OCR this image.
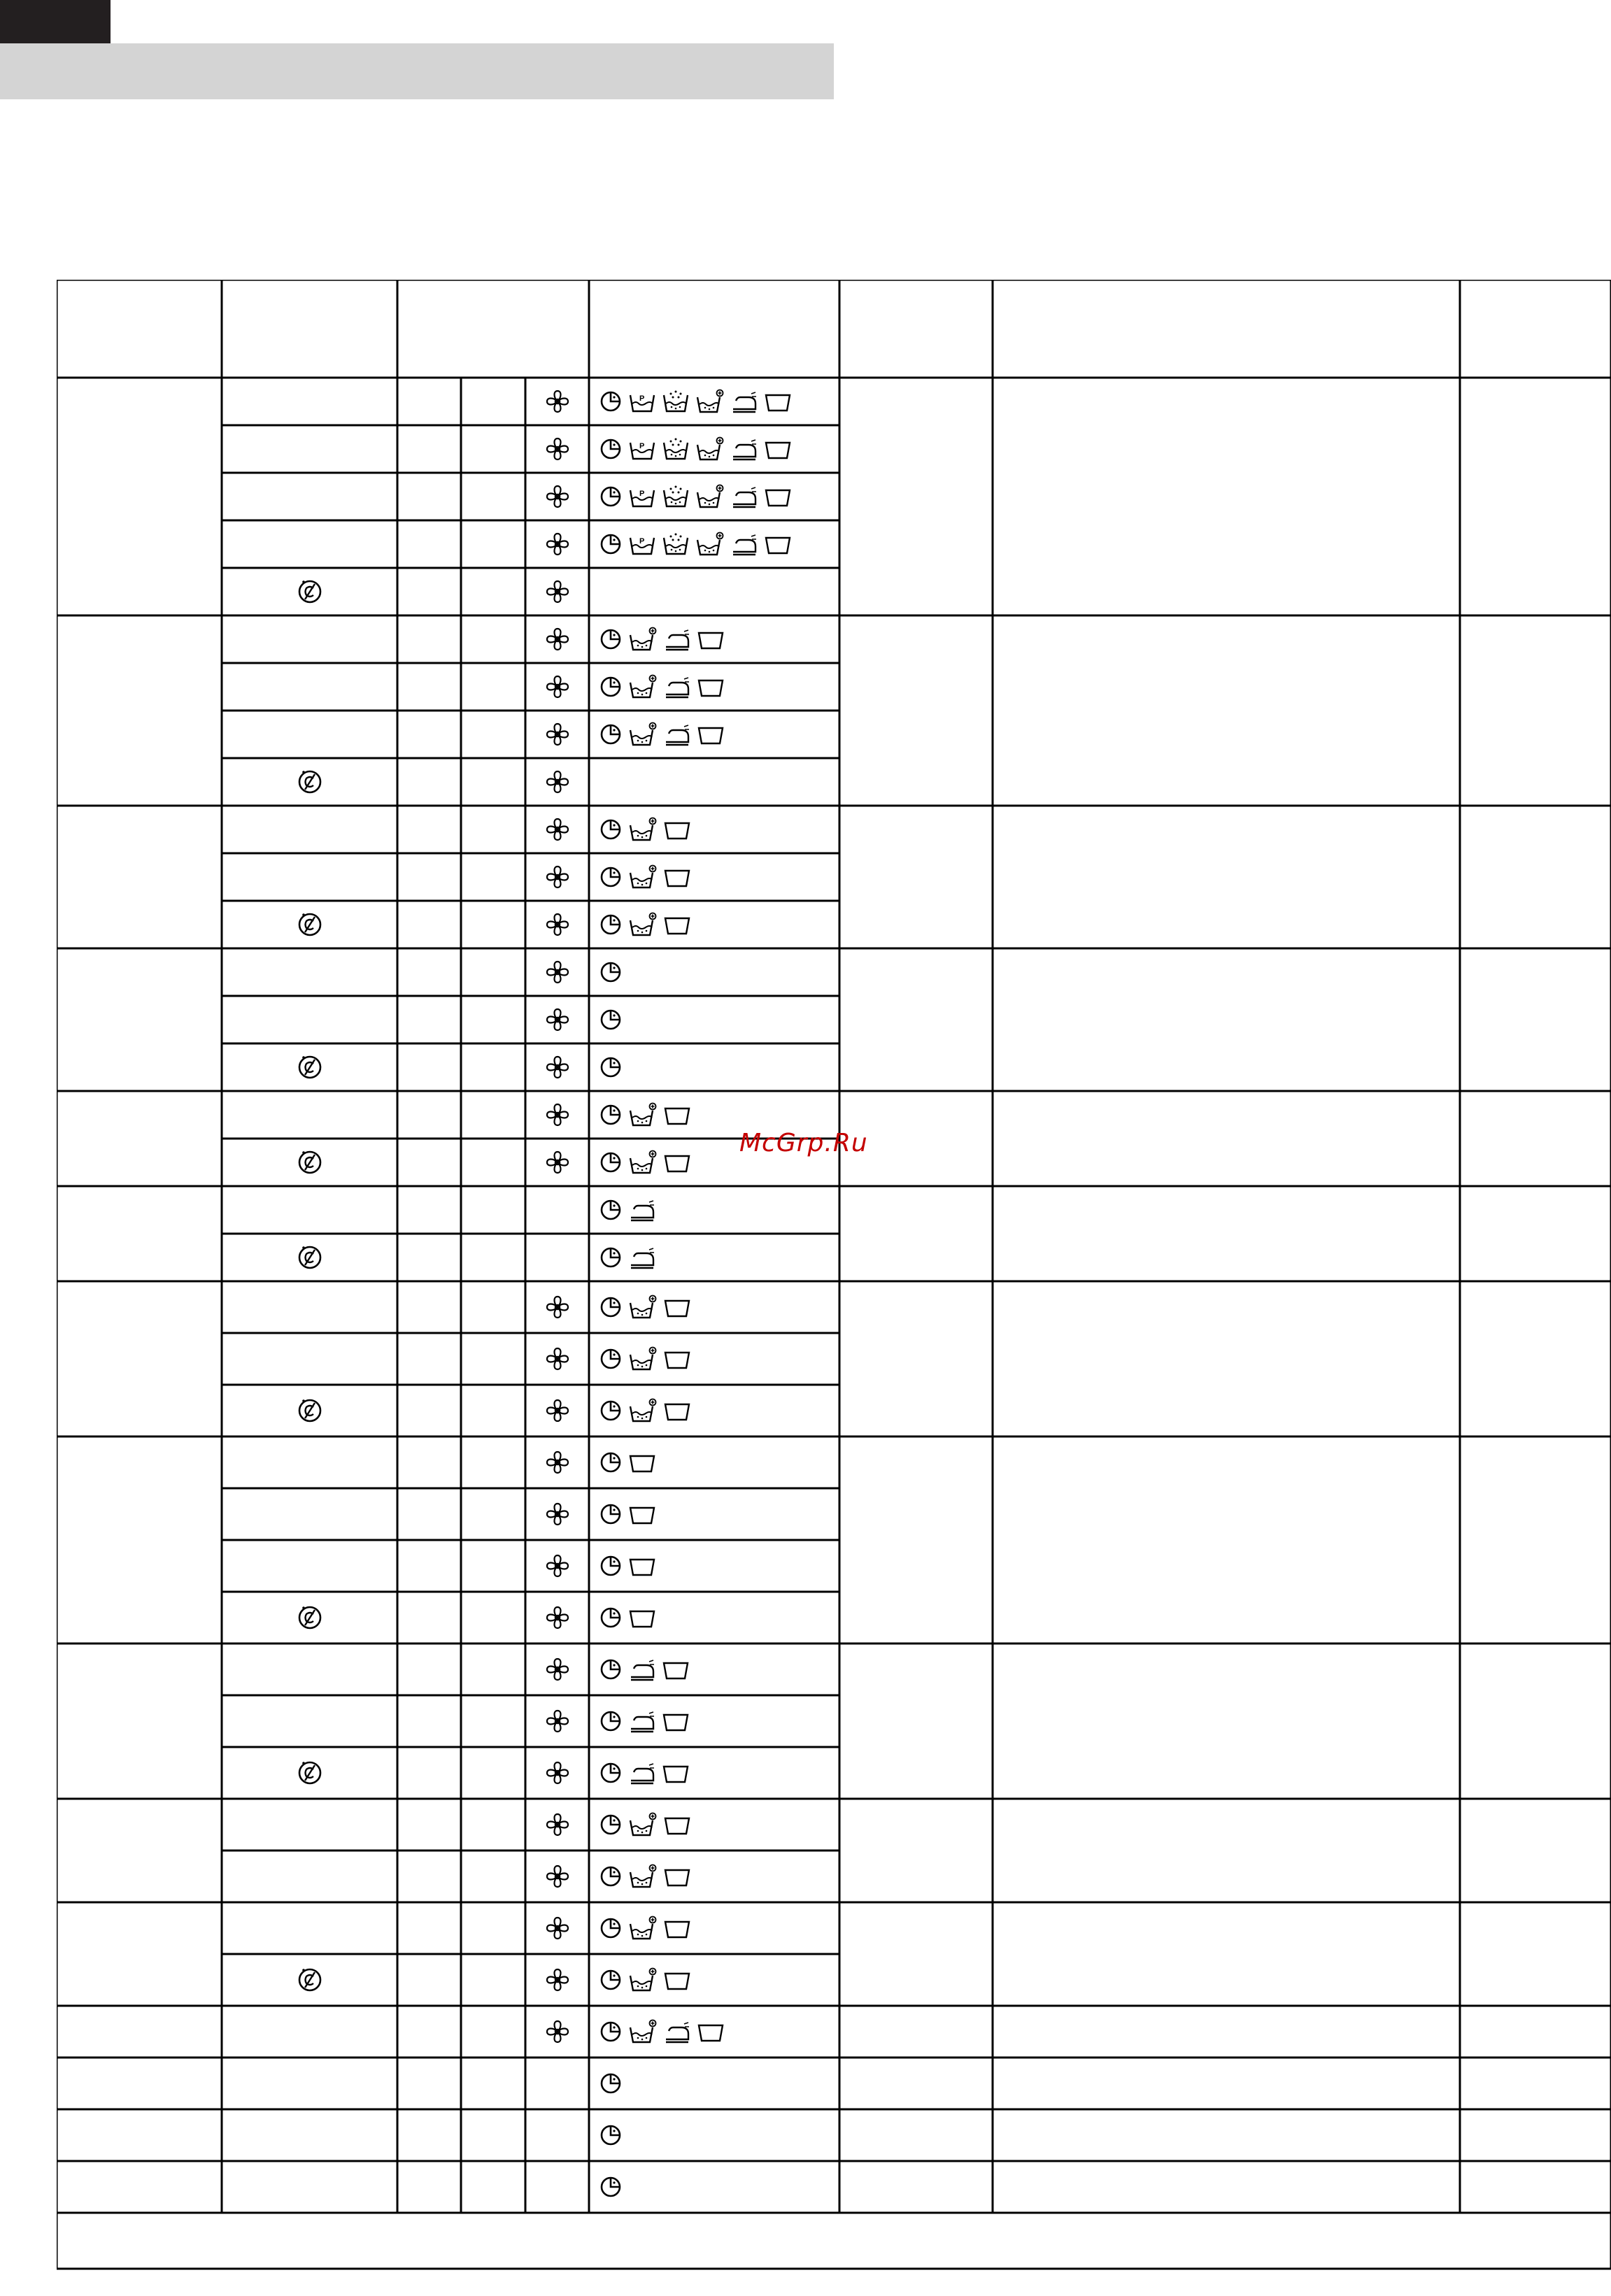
P
P
P
P
McGrp.Ru
